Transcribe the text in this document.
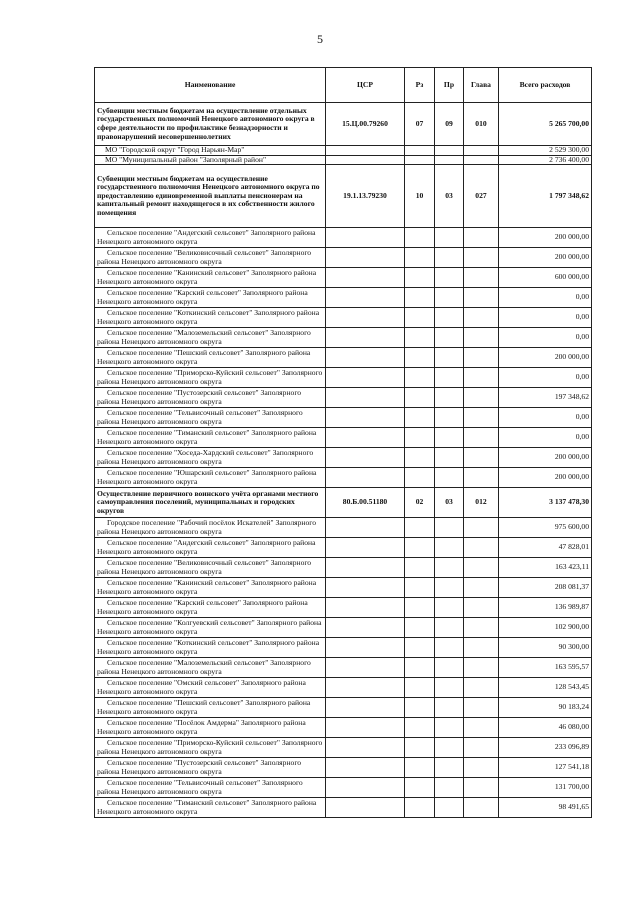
5
Наименование	ЦСР	Рз	Пр	Глава	Всего расходов
Субвенции местным бюджетам на осуществление отдельных государственных полномочий Ненецкого автономного округа в сфере деятельности по профилактике безнадзорности и правонарушений несовершеннолетних	15.Ц.00.79260	07	09	010	5 265 700,00
МО "Городской округ "Город Нарьян-Мар"					2 529 300,00
МО "Муниципальный район "Заполярный район"					2 736 400,00
Субвенции местным бюджетам на осуществление государственного полномочия Ненецкого автономного округа по предоставлению единовременной выплаты пенсионерам на капитальный ремонт находящегося в их собственности жилого помещения	19.1.13.79230	10	03	027	1 797 348,62
Сельское поселение "Андегский сельсовет" Заполярного района Ненецкого автономного округа					200 000,00
Сельское поселение "Великовисочный сельсовет" Заполярного района Ненецкого автономного округа					200 000,00
Сельское поселение "Канинский сельсовет" Заполярного района Ненецкого автономного округа					600 000,00
Сельское поселение "Карский сельсовет" Заполярного района Ненецкого автономного округа					0,00
Сельское поселение "Коткинский сельсовет" Заполярного района Ненецкого автономного округа					0,00
Сельское поселение "Малоземельский сельсовет" Заполярного района Ненецкого автономного округа					0,00
Сельское поселение "Пешский сельсовет" Заполярного района Ненецкого автономного округа					200 000,00
Сельское поселение "Приморско-Куйский сельсовет" Заполярного района Ненецкого автономного округа					0,00
Сельское поселение "Пустозерский сельсовет" Заполярного района Ненецкого автономного округа					197 348,62
Сельское поселение "Тельвисочный сельсовет" Заполярного района Ненецкого автономного округа					0,00
Сельское поселение "Тиманский сельсовет" Заполярного района Ненецкого автономного округа					0,00
Сельское поселение "Хоседа-Хардский сельсовет" Заполярного района Ненецкого автономного округа					200 000,00
Сельское поселение "Юшарский сельсовет" Заполярного района Ненецкого автономного округа					200 000,00
Осуществление первичного воинского учёта органами местного самоуправления поселений, муниципальных и городских округов	80.Б.00.51180	02	03	012	3 137 478,30
Городское поселение "Рабочий посёлок Искателей" Заполярного района Ненецкого автономного округа					975 600,00
Сельское поселение "Андегский сельсовет" Заполярного района Ненецкого автономного округа					47 828,01
Сельское поселение "Великовисочный сельсовет" Заполярного района Ненецкого автономного округа					163 423,11
Сельское поселение "Канинский сельсовет" Заполярного района Ненецкого автономного округа					208 081,37
Сельское поселение "Карский сельсовет" Заполярного района Ненецкого автономного округа					136 989,87
Сельское поселение "Колгуевский сельсовет" Заполярного района Ненецкого автономного округа					102 900,00
Сельское поселение "Коткинский сельсовет" Заполярного района Ненецкого автономного округа					90 300,00
Сельское поселение "Малоземельский сельсовет" Заполярного района Ненецкого автономного округа					163 595,57
Сельское поселение "Омский сельсовет" Заполярного района Ненецкого автономного округа					128 543,45
Сельское поселение "Пешский сельсовет" Заполярного района Ненецкого автономного округа					90 183,24
Сельское поселение "Посёлок Амдерма" Заполярного района Ненецкого автономного округа					46 080,00
Сельское поселение "Приморско-Куйский сельсовет" Заполярного района Ненецкого автономного округа					233 096,89
Сельское поселение "Пустозерский сельсовет" Заполярного района Ненецкого автономного округа					127 541,18
Сельское поселение "Тельвисочный сельсовет" Заполярного района Ненецкого автономного округа					131 700,00
Сельское поселение "Тиманский сельсовет" Заполярного района Ненецкого автономного округа					98 491,65
